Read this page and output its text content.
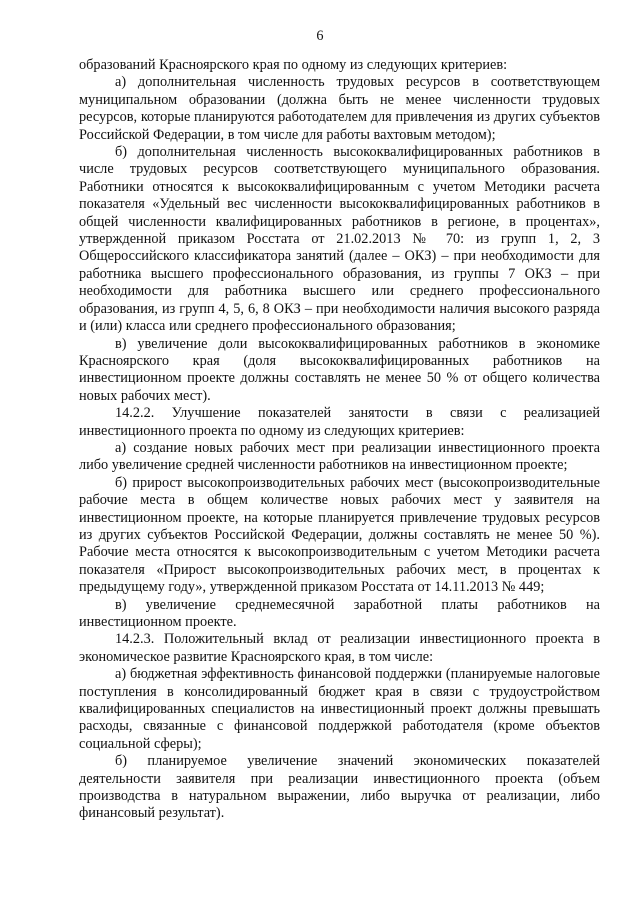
6

образований Красноярского края по одному из следующих критериев:

а) дополнительная численность трудовых ресурсов в соответствующем муниципальном образовании (должна быть не менее численности трудовых ресурсов, которые планируются работодателем для привлечения из других субъектов Российской Федерации, в том числе для работы вахтовым методом);

б) дополнительная численность высококвалифицированных работников в числе трудовых ресурсов соответствующего муниципального образования. Работники относятся к высококвалифицированным с учетом Методики расчета показателя «Удельный вес численности высококвалифицированных работников в общей численности квалифицированных работников в регионе, в процентах», утвержденной приказом Росстата от 21.02.2013 № 70: из групп 1, 2, 3 Общероссийского классификатора занятий (далее – ОКЗ) – при необходимости для работника высшего профессионального образования, из группы 7 ОКЗ – при необходимости для работника высшего или среднего профессионального образования, из групп 4, 5, 6, 8 ОКЗ – при необходимости наличия высокого разряда и (или) класса или среднего профессионального образования;

в) увеличение доли высококвалифицированных работников в экономике Красноярского края (доля высококвалифицированных работников на инвестиционном проекте должны составлять не менее 50 % от общего количества новых рабочих мест).

14.2.2. Улучшение показателей занятости в связи с реализацией инвестиционного проекта по одному из следующих критериев:

а) создание новых рабочих мест при реализации инвестиционного проекта либо увеличение средней численности работников на инвестиционном проекте;

б) прирост высокопроизводительных рабочих мест (высокопроизводительные рабочие места в общем количестве новых рабочих мест у заявителя на инвестиционном проекте, на которые планируется привлечение трудовых ресурсов из других субъектов Российской Федерации, должны составлять не менее 50 %). Рабочие места относятся к высокопроизводительным с учетом Методики расчета показателя «Прирост высокопроизводительных рабочих мест, в процентах к предыдущему году», утвержденной приказом Росстата от 14.11.2013 № 449;

в) увеличение среднемесячной заработной платы работников на инвестиционном проекте.

14.2.3. Положительный вклад от реализации инвестиционного проекта в экономическое развитие Красноярского края, в том числе:

а) бюджетная эффективность финансовой поддержки (планируемые налоговые поступления в консолидированный бюджет края в связи с трудоустройством квалифицированных специалистов на инвестиционный проект должны превышать расходы, связанные с финансовой поддержкой работодателя (кроме объектов социальной сферы);

б) планируемое увеличение значений экономических показателей деятельности заявителя при реализации инвестиционного проекта (объем производства в натуральном выражении, либо выручка от реализации, либо финансовый результат).
